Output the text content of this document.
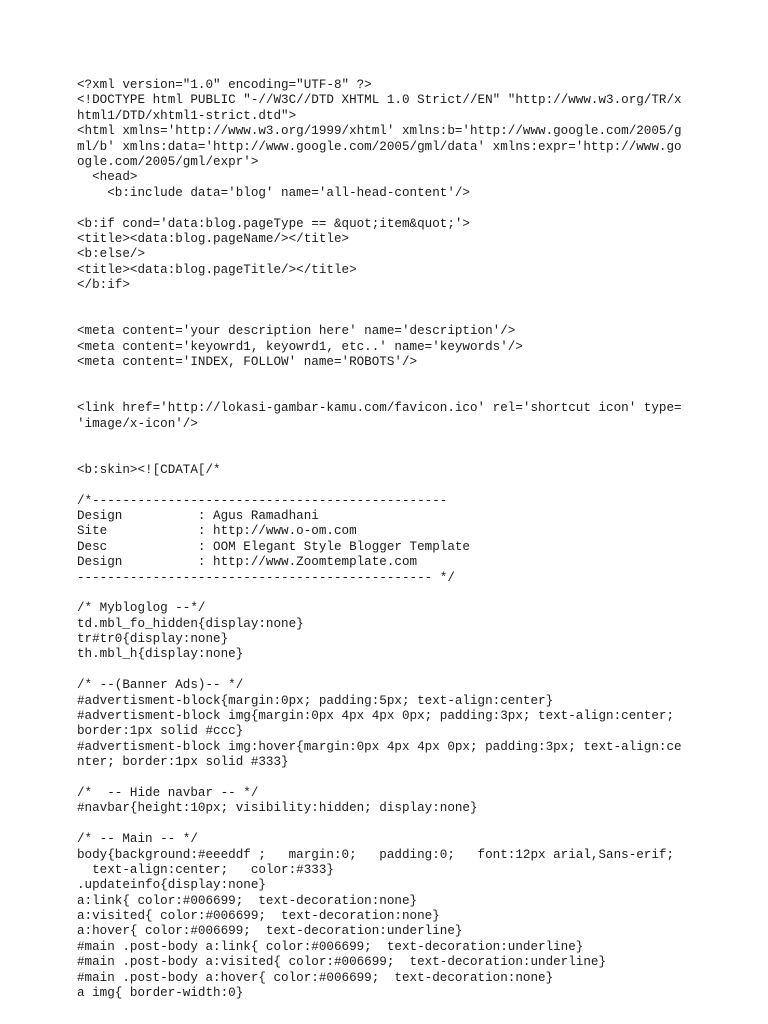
<?xml version="1.0" encoding="UTF-8" ?>
<!DOCTYPE html PUBLIC "-//W3C//DTD XHTML 1.0 Strict//EN" "http://www.w3.org/TR/x
html1/DTD/xhtml1-strict.dtd">
<html xmlns='http://www.w3.org/1999/xhtml' xmlns:b='http://www.google.com/2005/g
ml/b' xmlns:data='http://www.google.com/2005/gml/data' xmlns:expr='http://www.go
ogle.com/2005/gml/expr'>
<head>
<b:include data='blog' name='all-head-content'/>
<b:if cond='data:blog.pageType == &quot;item&quot;'>
<title><data:blog.pageName/></title>
<b:else/>
<title><data:blog.pageTitle/></title>
</b:if>
<meta content='your description here' name='description'/>
<meta content='keyowrd1, keyowrd1, etc..' name='keywords'/>
<meta content='INDEX, FOLLOW' name='ROBOTS'/>
<link href='http://lokasi-gambar-kamu.com/favicon.ico' rel='shortcut icon' type=
'image/x-icon'/>
<b:skin><![CDATA[/*
/*-----------------------------------------------
Design          : Agus Ramadhani
Site            : http://www.o-om.com
Desc            : OOM Elegant Style Blogger Template
Design          : http://www.Zoomtemplate.com
----------------------------------------------- */
/* Mybloglog --*/
td.mbl_fo_hidden{display:none}
tr#tr0{display:none}
th.mbl_h{display:none}
/* --(Banner Ads)-- */
#advertisment-block{margin:0px; padding:5px; text-align:center}
#advertisment-block img{margin:0px 4px 4px 0px; padding:3px; text-align:center;
border:1px solid #ccc}
#advertisment-block img:hover{margin:0px 4px 4px 0px; padding:3px; text-align:ce
nter; border:1px solid #333}
/*  -- Hide navbar -- */
#navbar{height:10px; visibility:hidden; display:none}
/* -- Main -- */
body{background:#eeeddf ;   margin:0;   padding:0;   font:12px arial,Sans-erif;
text-align:center;   color:#333}
.updateinfo{display:none}
a:link{ color:#006699;  text-decoration:none}
a:visited{ color:#006699;  text-decoration:none}
a:hover{ color:#006699;  text-decoration:underline}
#main .post-body a:link{ color:#006699;  text-decoration:underline}
#main .post-body a:visited{ color:#006699;  text-decoration:underline}
#main .post-body a:hover{ color:#006699;  text-decoration:none}
a img{ border-width:0}
